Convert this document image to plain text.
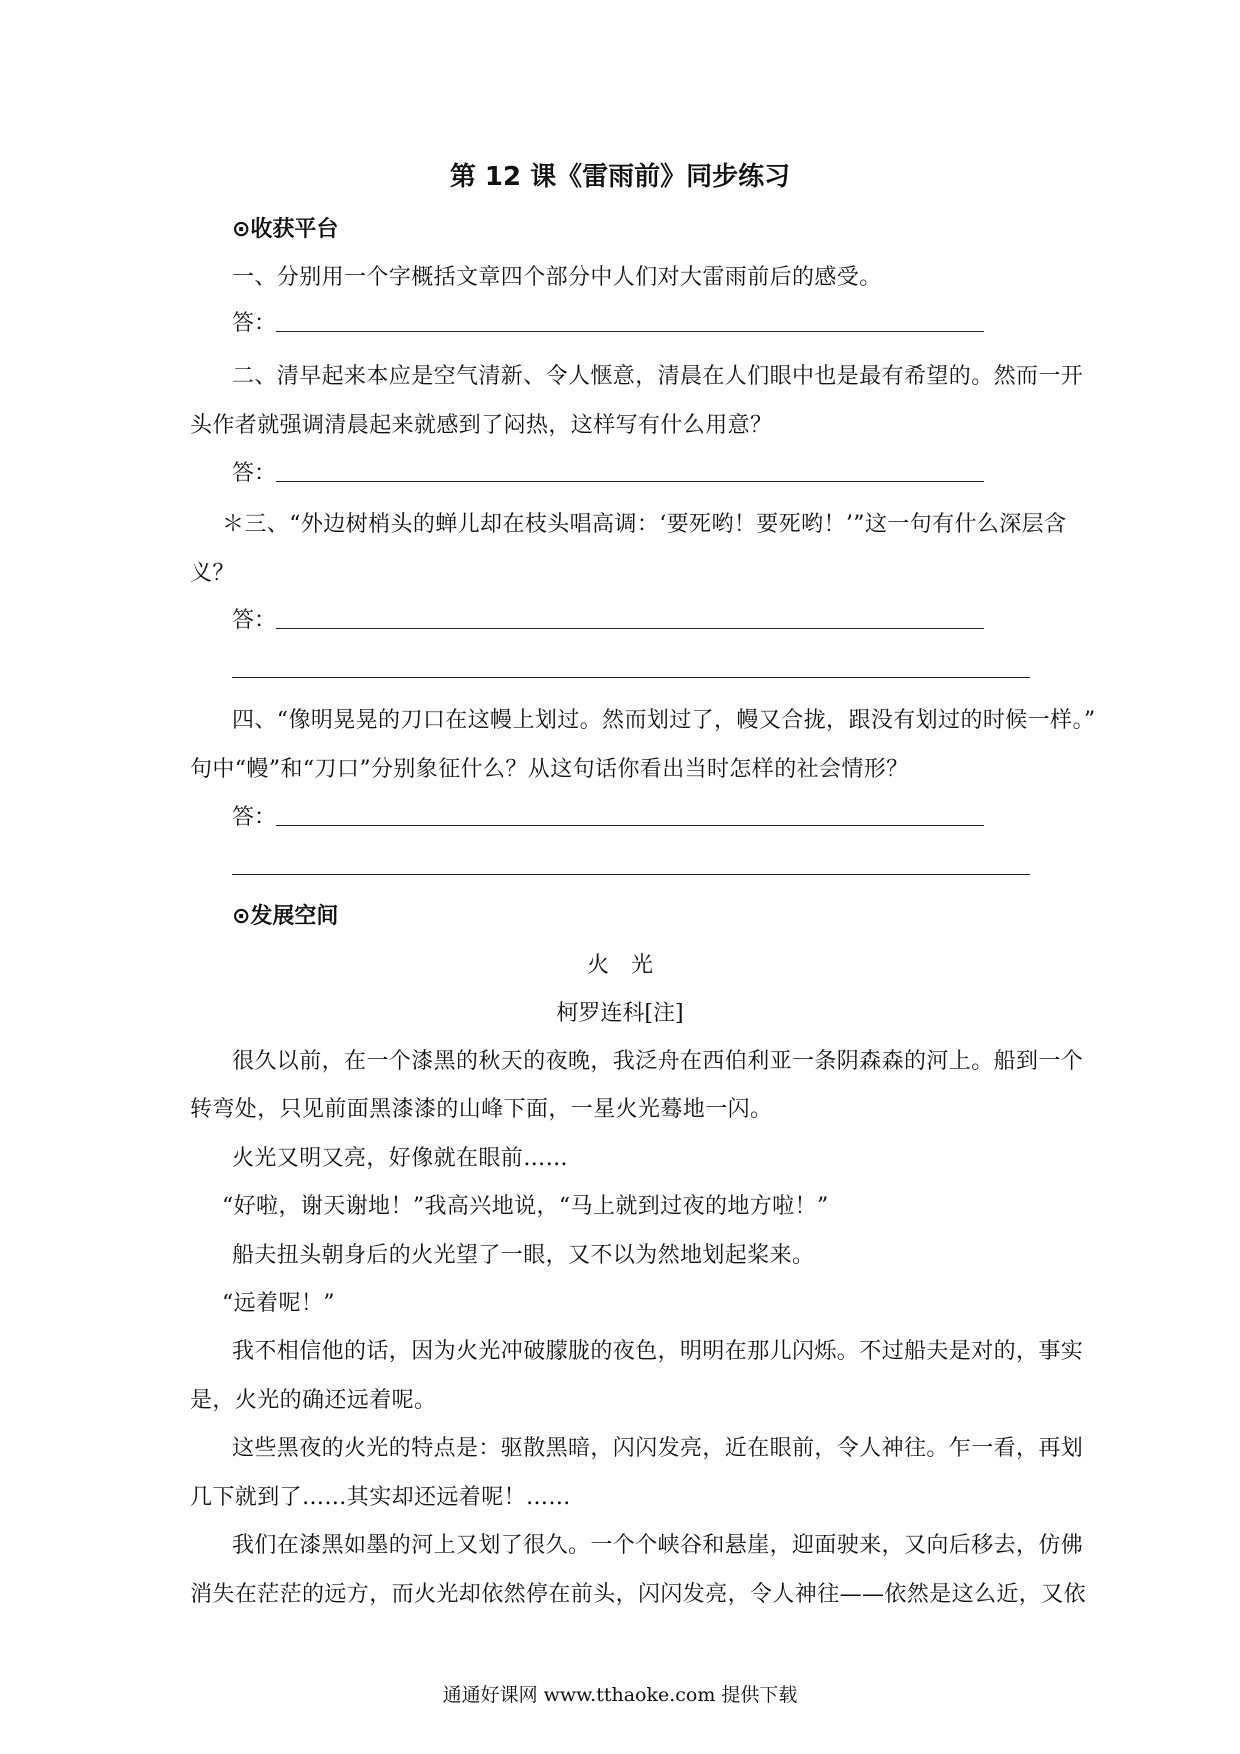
第 12 课《雷雨前》同步练习
⊙收获平台
一、分别用一个字概括文章四个部分中人们对大雷雨前后的感受。
答：
二、清早起来本应是空气清新、令人惬意，清晨在人们眼中也是最有希望的。然而一开
头作者就强调清晨起来就感到了闷热，这样写有什么用意？
答：
＊三、“外边树梢头的蝉儿却在枝头唱高调：‘要死哟！要死哟！’”这一句有什么深层含
义？
答：
四、“像明晃晃的刀口在这幔上划过。然而划过了，幔又合拢，跟没有划过的时候一样。”
句中“幔”和“刀口”分别象征什么？从这句话你看出当时怎样的社会情形？
答：
⊙发展空间
火　光
柯罗连科[注]
很久以前，在一个漆黑的秋天的夜晚，我泛舟在西伯利亚一条阴森森的河上。船到一个
转弯处，只见前面黑漆漆的山峰下面，一星火光蓦地一闪。
火光又明又亮，好像就在眼前……
“好啦，谢天谢地！”我高兴地说，“马上就到过夜的地方啦！”
船夫扭头朝身后的火光望了一眼，又不以为然地划起桨来。
“远着呢！”
我不相信他的话，因为火光冲破朦胧的夜色，明明在那儿闪烁。不过船夫是对的，事实
是，火光的确还远着呢。
这些黑夜的火光的特点是：驱散黑暗，闪闪发亮，近在眼前，令人神往。乍一看，再划
几下就到了……其实却还远着呢！……
我们在漆黑如墨的河上又划了很久。一个个峡谷和悬崖，迎面驶来，又向后移去，仿佛
消失在茫茫的远方，而火光却依然停在前头，闪闪发亮，令人神往——依然是这么近，又依
通通好课网 www.tthaoke.com 提供下载
